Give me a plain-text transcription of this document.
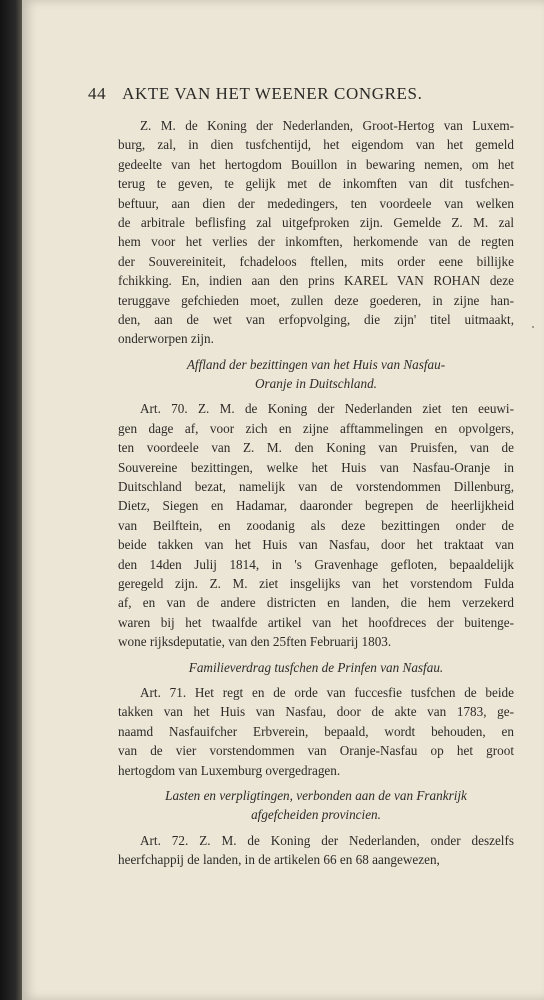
44 AKTE VAN HET WEENER CONGRES.
Z. M. de Koning der Nederlanden, Groot-Hertog van Luxem-
burg, zal, in dien tusfchentijd, het eigendom van het gemeld
gedeelte van het hertogdom Bouillon in bewaring nemen, om het
terug te geven, te gelijk met de inkomften van dit tusfchen-
beftuur, aan dien der mededingers, ten voordeele van welken
de arbitrale beflisfing zal uitgefproken zijn. Gemelde Z. M. zal
hem voor het verlies der inkomften, herkomende van de regten
der Souvereiniteit, fchadeloos ftellen, mits order eene billijke
fchikking. En, indien aan den prins KAREL VAN ROHAN deze
teruggave gefchieden moet, zullen deze goederen, in zijne han-
den, aan de wet van erfopvolging, die zijn' titel uitmaakt,
onderworpen zijn.
Affland der bezittingen van het Huis van Nasfau-
Oranje in Duitschland.
Art. 70. Z. M. de Koning der Nederlanden ziet ten eeuwi-
gen dage af, voor zich en zijne afftammelingen en opvolgers,
ten voordeele van Z. M. den Koning van Pruisfen, van de
Souvereine bezittingen, welke het Huis van Nasfau-Oranje in
Duitschland bezat, namelijk van de vorstendommen Dillenburg,
Dietz, Siegen en Hadamar, daaronder begrepen de heerlijkheid
van Beilftein, en zoodanig als deze bezittingen onder de
beide takken van het Huis van Nasfau, door het traktaat van
den 14den Julij 1814, in 's Gravenhage gefloten, bepaaldelijk
geregeld zijn. Z. M. ziet insgelijks van het vorstendom Fulda
af, en van de andere districten en landen, die hem verzekerd
waren bij het twaalfde artikel van het hoofdreces der buitenge-
wone rijksdeputatie, van den 25ften Februarij 1803.
Familieverdrag tusfchen de Prinfen van Nasfau.
Art. 71. Het regt en de orde van fuccesfie tusfchen de beide
takken van het Huis van Nasfau, door de akte van 1783, ge-
naamd Nasfauifcher Erbverein, bepaald, wordt behouden, en
van de vier vorstendommen van Oranje-Nasfau op het groot
hertogdom van Luxemburg overgedragen.
Lasten en verpligtingen, verbonden aan de van Frankrijk
afgefcheiden provincien.
Art. 72. Z. M. de Koning der Nederlanden, onder deszelfs
heerfchappij de landen, in de artikelen 66 en 68 aangewezen,
